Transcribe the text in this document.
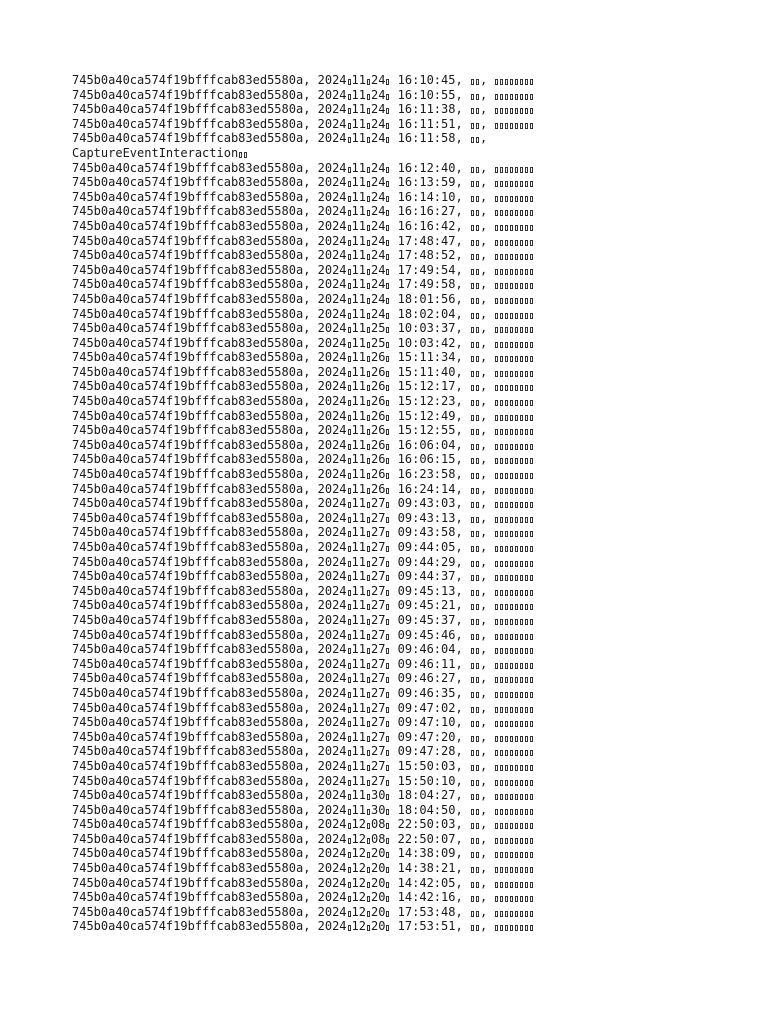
745b0a40ca574f19bfffcab83ed5580a, 2024 11 24 16:10:45, ,
745b0a40ca574f19bfffcab83ed5580a, 2024 11 24 16:10:55, ,
745b0a40ca574f19bfffcab83ed5580a, 2024 11 24 16:11:38, ,
745b0a40ca574f19bfffcab83ed5580a, 2024 11 24 16:11:51, ,
745b0a40ca574f19bfffcab83ed5580a, 2024 11 24 16:11:58, ,
CaptureEventInteraction
745b0a40ca574f19bfffcab83ed5580a, 2024 11 24 16:12:40, ,
745b0a40ca574f19bfffcab83ed5580a, 2024 11 24 16:13:59, ,
745b0a40ca574f19bfffcab83ed5580a, 2024 11 24 16:14:10, ,
745b0a40ca574f19bfffcab83ed5580a, 2024 11 24 16:16:27, ,
745b0a40ca574f19bfffcab83ed5580a, 2024 11 24 16:16:42, ,
745b0a40ca574f19bfffcab83ed5580a, 2024 11 24 17:48:47, ,
745b0a40ca574f19bfffcab83ed5580a, 2024 11 24 17:48:52, ,
745b0a40ca574f19bfffcab83ed5580a, 2024 11 24 17:49:54, ,
745b0a40ca574f19bfffcab83ed5580a, 2024 11 24 17:49:58, ,
745b0a40ca574f19bfffcab83ed5580a, 2024 11 24 18:01:56, ,
745b0a40ca574f19bfffcab83ed5580a, 2024 11 24 18:02:04, ,
745b0a40ca574f19bfffcab83ed5580a, 2024 11 25 10:03:37, ,
745b0a40ca574f19bfffcab83ed5580a, 2024 11 25 10:03:42, ,
745b0a40ca574f19bfffcab83ed5580a, 2024 11 26 15:11:34, ,
745b0a40ca574f19bfffcab83ed5580a, 2024 11 26 15:11:40, ,
745b0a40ca574f19bfffcab83ed5580a, 2024 11 26 15:12:17, ,
745b0a40ca574f19bfffcab83ed5580a, 2024 11 26 15:12:23, ,
745b0a40ca574f19bfffcab83ed5580a, 2024 11 26 15:12:49, ,
745b0a40ca574f19bfffcab83ed5580a, 2024 11 26 15:12:55, ,
745b0a40ca574f19bfffcab83ed5580a, 2024 11 26 16:06:04, ,
745b0a40ca574f19bfffcab83ed5580a, 2024 11 26 16:06:15, ,
745b0a40ca574f19bfffcab83ed5580a, 2024 11 26 16:23:58, ,
745b0a40ca574f19bfffcab83ed5580a, 2024 11 26 16:24:14, ,
745b0a40ca574f19bfffcab83ed5580a, 2024 11 27 09:43:03, ,
745b0a40ca574f19bfffcab83ed5580a, 2024 11 27 09:43:13, ,
745b0a40ca574f19bfffcab83ed5580a, 2024 11 27 09:43:58, ,
745b0a40ca574f19bfffcab83ed5580a, 2024 11 27 09:44:05, ,
745b0a40ca574f19bfffcab83ed5580a, 2024 11 27 09:44:29, ,
745b0a40ca574f19bfffcab83ed5580a, 2024 11 27 09:44:37, ,
745b0a40ca574f19bfffcab83ed5580a, 2024 11 27 09:45:13, ,
745b0a40ca574f19bfffcab83ed5580a, 2024 11 27 09:45:21, ,
745b0a40ca574f19bfffcab83ed5580a, 2024 11 27 09:45:37, ,
745b0a40ca574f19bfffcab83ed5580a, 2024 11 27 09:45:46, ,
745b0a40ca574f19bfffcab83ed5580a, 2024 11 27 09:46:04, ,
745b0a40ca574f19bfffcab83ed5580a, 2024 11 27 09:46:11, ,
745b0a40ca574f19bfffcab83ed5580a, 2024 11 27 09:46:27, ,
745b0a40ca574f19bfffcab83ed5580a, 2024 11 27 09:46:35, ,
745b0a40ca574f19bfffcab83ed5580a, 2024 11 27 09:47:02, ,
745b0a40ca574f19bfffcab83ed5580a, 2024 11 27 09:47:10, ,
745b0a40ca574f19bfffcab83ed5580a, 2024 11 27 09:47:20, ,
745b0a40ca574f19bfffcab83ed5580a, 2024 11 27 09:47:28, ,
745b0a40ca574f19bfffcab83ed5580a, 2024 11 27 15:50:03, ,
745b0a40ca574f19bfffcab83ed5580a, 2024 11 27 15:50:10, ,
745b0a40ca574f19bfffcab83ed5580a, 2024 11 30 18:04:27, ,
745b0a40ca574f19bfffcab83ed5580a, 2024 11 30 18:04:50, ,
745b0a40ca574f19bfffcab83ed5580a, 2024 12 08 22:50:03, ,
745b0a40ca574f19bfffcab83ed5580a, 2024 12 08 22:50:07, ,
745b0a40ca574f19bfffcab83ed5580a, 2024 12 20 14:38:09, ,
745b0a40ca574f19bfffcab83ed5580a, 2024 12 20 14:38:21, ,
745b0a40ca574f19bfffcab83ed5580a, 2024 12 20 14:42:05, ,
745b0a40ca574f19bfffcab83ed5580a, 2024 12 20 14:42:16, ,
745b0a40ca574f19bfffcab83ed5580a, 2024 12 20 17:53:48, ,
745b0a40ca574f19bfffcab83ed5580a, 2024 12 20 17:53:51, ,
